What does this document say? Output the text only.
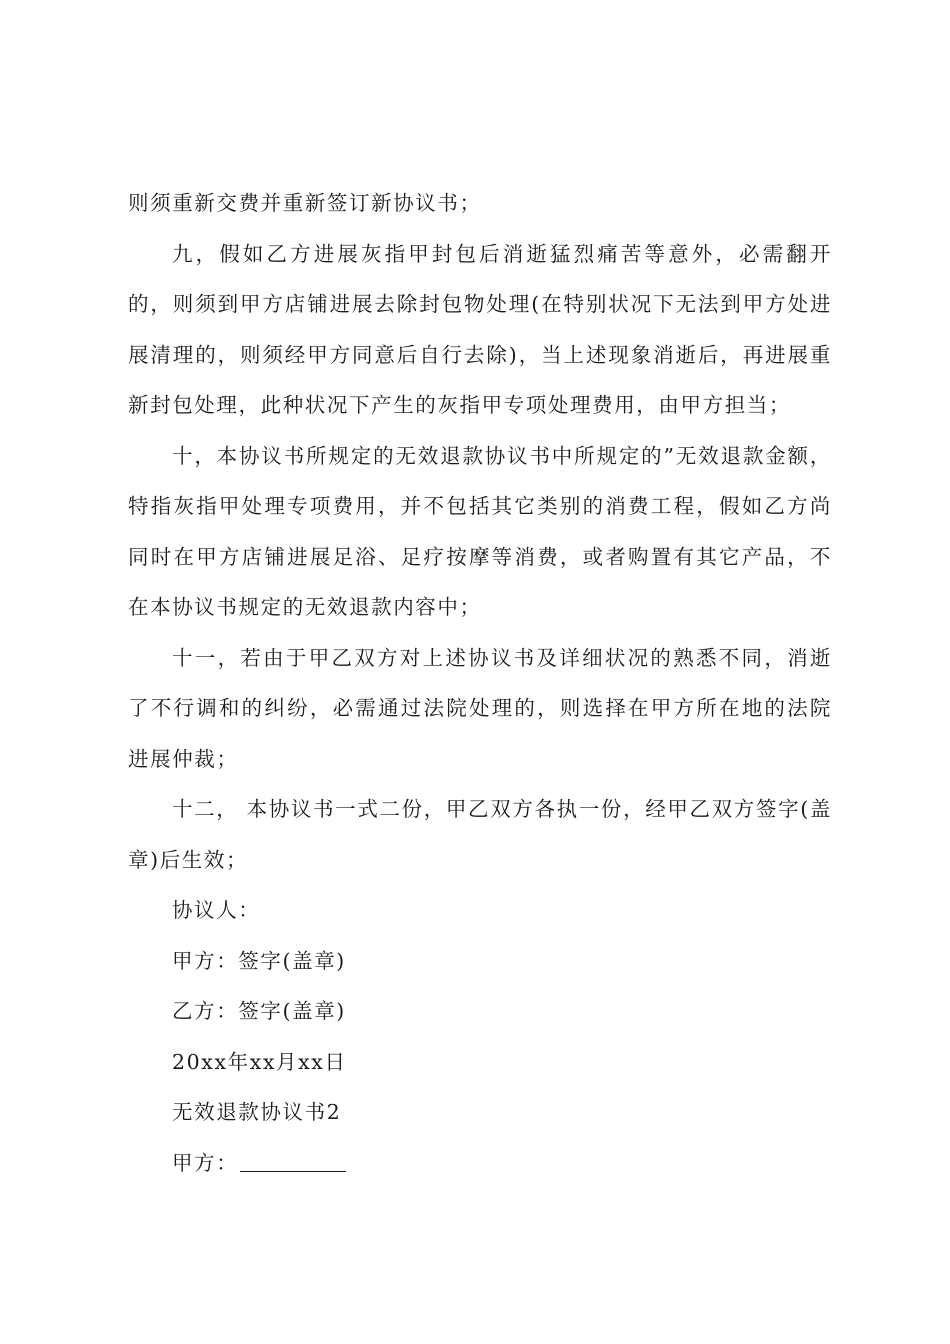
则须重新交费并重新签订新协议书；

九，假如乙方进展灰指甲封包后消逝猛烈痛苦等意外，必需翻开的，则须到甲方店铺进展去除封包物处理(在特别状况下无法到甲方处进展清理的，则须经甲方同意后自行去除)，当上述现象消逝后，再进展重新封包处理，此种状况下产生的灰指甲专项处理费用，由甲方担当；

十，本协议书所规定的无效退款协议书中所规定的”无效退款金额，特指灰指甲处理专项费用，并不包括其它类别的消费工程，假如乙方尚同时在甲方店铺进展足浴、足疗按摩等消费，或者购置有其它产品，不在本协议书规定的无效退款内容中；

十一，若由于甲乙双方对上述协议书及详细状况的熟悉不同，消逝了不行调和的纠纷，必需通过法院处理的，则选择在甲方所在地的法院进展仲裁；

十二， 本协议书一式二份，甲乙双方各执一份，经甲乙双方签字(盖章)后生效；

协议人：

甲方：签字(盖章)

乙方：签字(盖章)

20xx年xx月xx日

无效退款协议书2

甲方：
